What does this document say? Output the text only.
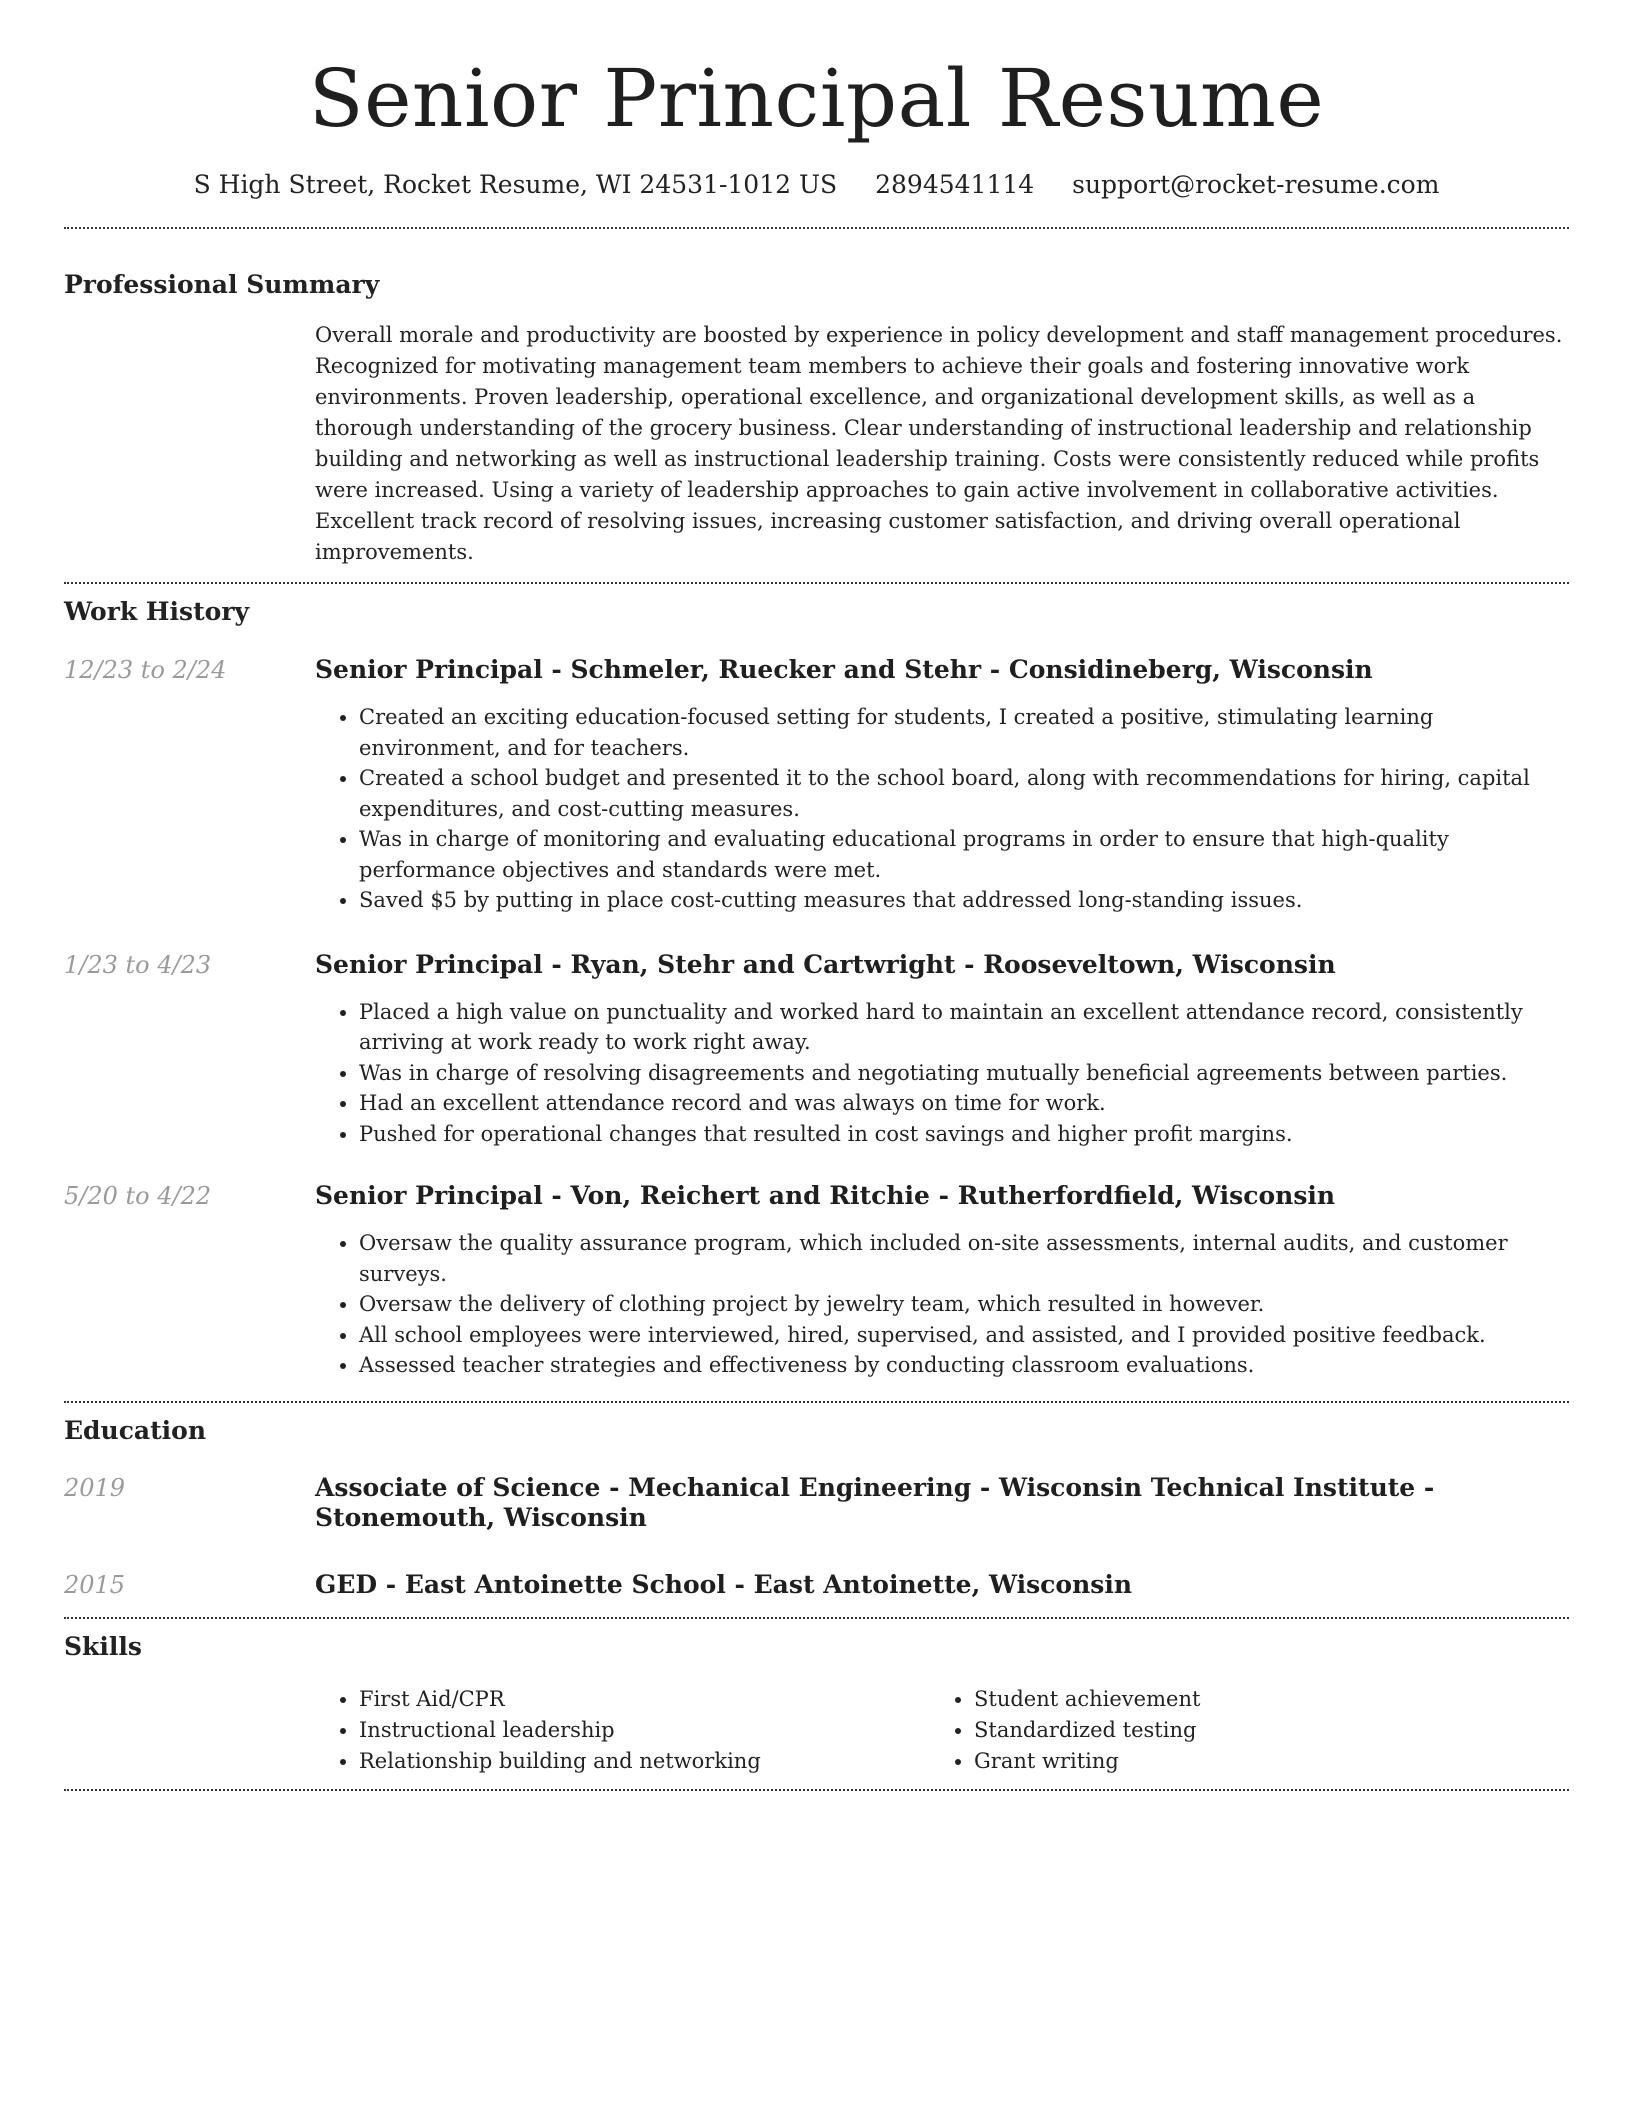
Senior Principal Resume
S High Street, Rocket Resume, WI 24531-1012 US 2894541114 support@rocket-resume.com
Professional Summary

Overall morale and productivity are boosted by experience in policy development and staff management procedures. Recognized for motivating management team members to achieve their goals and fostering innovative work environments. Proven leadership, operational excellence, and organizational development skills, as well as a thorough understanding of the grocery business. Clear understanding of instructional leadership and relationship building and networking as well as instructional leadership training. Costs were consistently reduced while profits were increased. Using a variety of leadership approaches to gain active involvement in collaborative activities. Excellent track record of resolving issues, increasing customer satisfaction, and driving overall operational improvements.

Work History
12/23 to 2/24	Senior Principal - Schmeler, Ruecker and Stehr - Considineberg, Wisconsin
• Created an exciting education-focused setting for students, I created a positive, stimulating learning environment, and for teachers.
• Created a school budget and presented it to the school board, along with recommendations for hiring, capital expenditures, and cost-cutting measures.
• Was in charge of monitoring and evaluating educational programs in order to ensure that high-quality performance objectives and standards were met.
• Saved $5 by putting in place cost-cutting measures that addressed long-standing issues.
1/23 to 4/23	Senior Principal - Ryan, Stehr and Cartwright - Rooseveltown, Wisconsin
• Placed a high value on punctuality and worked hard to maintain an excellent attendance record, consistently arriving at work ready to work right away.
• Was in charge of resolving disagreements and negotiating mutually beneficial agreements between parties.
• Had an excellent attendance record and was always on time for work.
• Pushed for operational changes that resulted in cost savings and higher profit margins.
5/20 to 4/22	Senior Principal - Von, Reichert and Ritchie - Rutherfordfield, Wisconsin
• Oversaw the quality assurance program, which included on-site assessments, internal audits, and customer surveys.
• Oversaw the delivery of clothing project by jewelry team, which resulted in however.
• All school employees were interviewed, hired, supervised, and assisted, and I provided positive feedback.
• Assessed teacher strategies and effectiveness by conducting classroom evaluations.
Education
2019	Associate of Science - Mechanical Engineering - Wisconsin Technical Institute - Stonemouth, Wisconsin
2015	GED - East Antoinette School - East Antoinette, Wisconsin
Skills
• First Aid/CPR
• Instructional leadership
• Relationship building and networking
• Student achievement
• Standardized testing
• Grant writing
